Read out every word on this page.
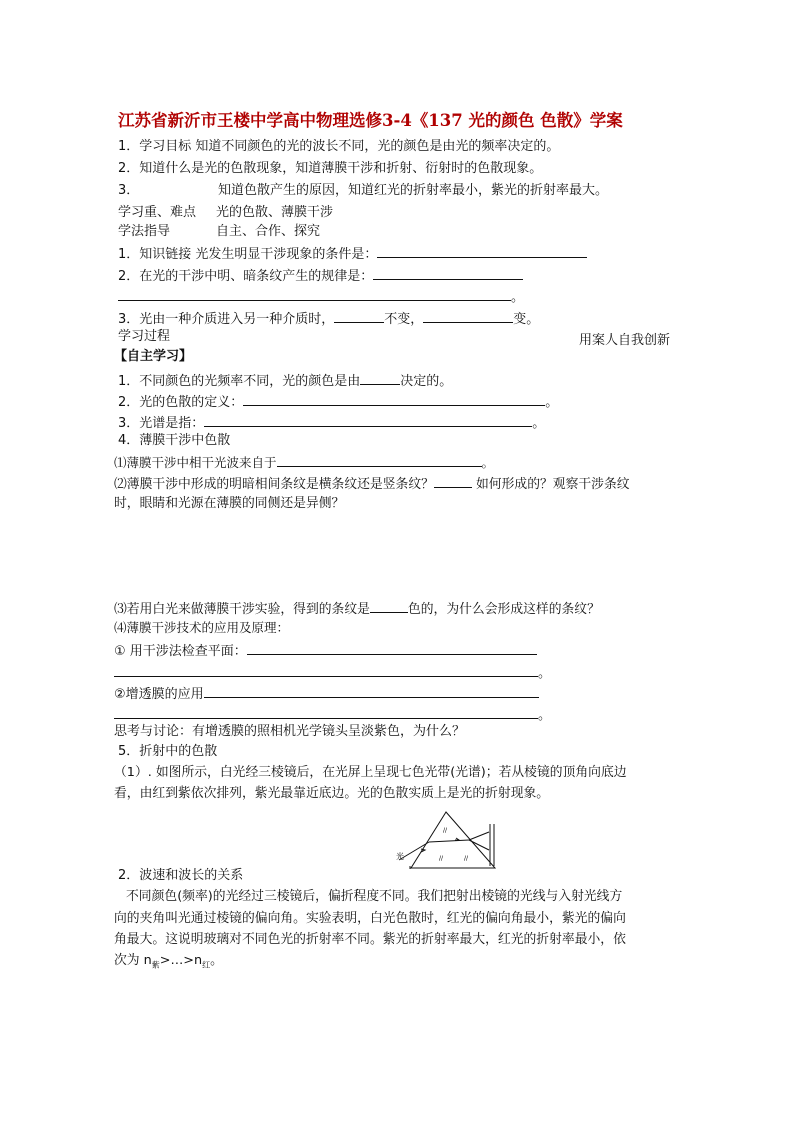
江苏省新沂市王楼中学高中物理选修3-4《137 光的颜色 色散》学案
1．学习目标 知道不同颜色的光的波长不同，光的颜色是由光的频率决定的。
2．知道什么是光的色散现象，知道薄膜干涉和折射、衍射时的色散现象。
3．	知道色散产生的原因，知道红光的折射率最小，紫光的折射率最大。
学习重、难点 光的色散、薄膜干涉
学法指导	自主、合作、探究
1．知识链接 光发生明显干涉现象的条件是：
2．在光的干涉中明、暗条纹产生的规律是：
。
3．光由一种介质进入另一种介质时，	不变，	变。
学习过程	用案人自我创新
【自主学习】
1．不同颜色的光频率不同，光的颜色是由	决定的。
2．光的色散的定义：	。
3．光谱是指：	。
4．薄膜干涉中色散
⑴薄膜干涉中相干光波来自于	。
⑵薄膜干涉中形成的明暗相间条纹是横条纹还是竖条纹？	如何形成的？观察干涉条纹
时，眼睛和光源在薄膜的同侧还是异侧？
⑶若用白光来做薄膜干涉实验，得到的条纹是	色的，为什么会形成这样的条纹？
⑷薄膜干涉技术的应用及原理：
① 用干涉法检查平面：
。
②增透膜的应用
。
思考与讨论：有增透膜的照相机光学镜头呈淡紫色，为什么？
5．折射中的色散
（1）. 如图所示，白光经三棱镜后，在光屏上呈现七色光带(光谱)；若从棱镜的顶角向底边
看，由红到紫依次排列，紫光最靠近底边。光的色散实质上是光的折射现象。
//
//	//
光
2．波速和波长的关系
不同颜色(频率)的光经过三棱镜后，偏折程度不同。我们把射出棱镜的光线与入射光线方
向的夹角叫光通过棱镜的偏向角。实验表明，白光色散时，红光的偏向角最小，紫光的偏向
角最大。这说明玻璃对不同色光的折射率不同。紫光的折射率最大，红光的折射率最小，依
次为 $n_紫>\dots>n_红$。
